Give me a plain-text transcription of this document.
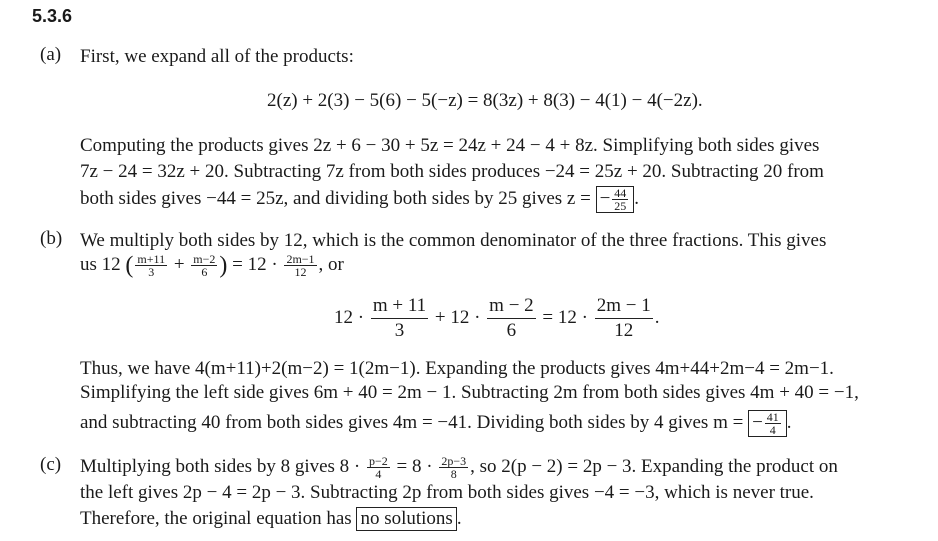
5.3.6
(a) First, we expand all of the products:
2(z) + 2(3) − 5(6) − 5(−z) = 8(3z) + 8(3) − 4(1) − 4(−2z).
Computing the products gives 2z + 6 − 30 + 5z = 24z + 24 − 4 + 8z. Simplifying both sides gives
7z − 24 = 32z + 20. Subtracting 7z from both sides produces −24 = 25z + 20. Subtracting 20 from
both sides gives −44 = 25z, and dividing both sides by 25 gives z = − $\frac{44}{25}$ .
(b) We multiply both sides by 12, which is the common denominator of the three fractions. This gives
us 12 ( $\frac{m+11}{3} + \frac{m-2}{6}$ ) = $12 \cdot \frac{2m-1}{12}$ , or
$12 \cdot \frac{m + 11}{3} + 12 \cdot \frac{m - 2}{6} = 12 \cdot \frac{2m - 1}{12}$ .
Thus, we have 4(m+11)+2(m−2) = 1(2m−1). Expanding the products gives 4m+44+2m−4 = 2m−1.
Simplifying the left side gives 6m + 40 = 2m − 1. Subtracting 2m from both sides gives 4m + 40 = −1,
and subtracting 40 from both sides gives 4m = −41. Dividing both sides by 4 gives m = − $\frac{41}{4}$ .
(c) Multiplying both sides by 8 gives $8 \cdot \frac{p-2}{4} = 8 \cdot \frac{2p-3}{8}$ , so 2(p − 2) = 2p − 3. Expanding the product on
the left gives 2p − 4 = 2p − 3. Subtracting 2p from both sides gives −4 = −3, which is never true.
Therefore, the original equation has no solutions .
